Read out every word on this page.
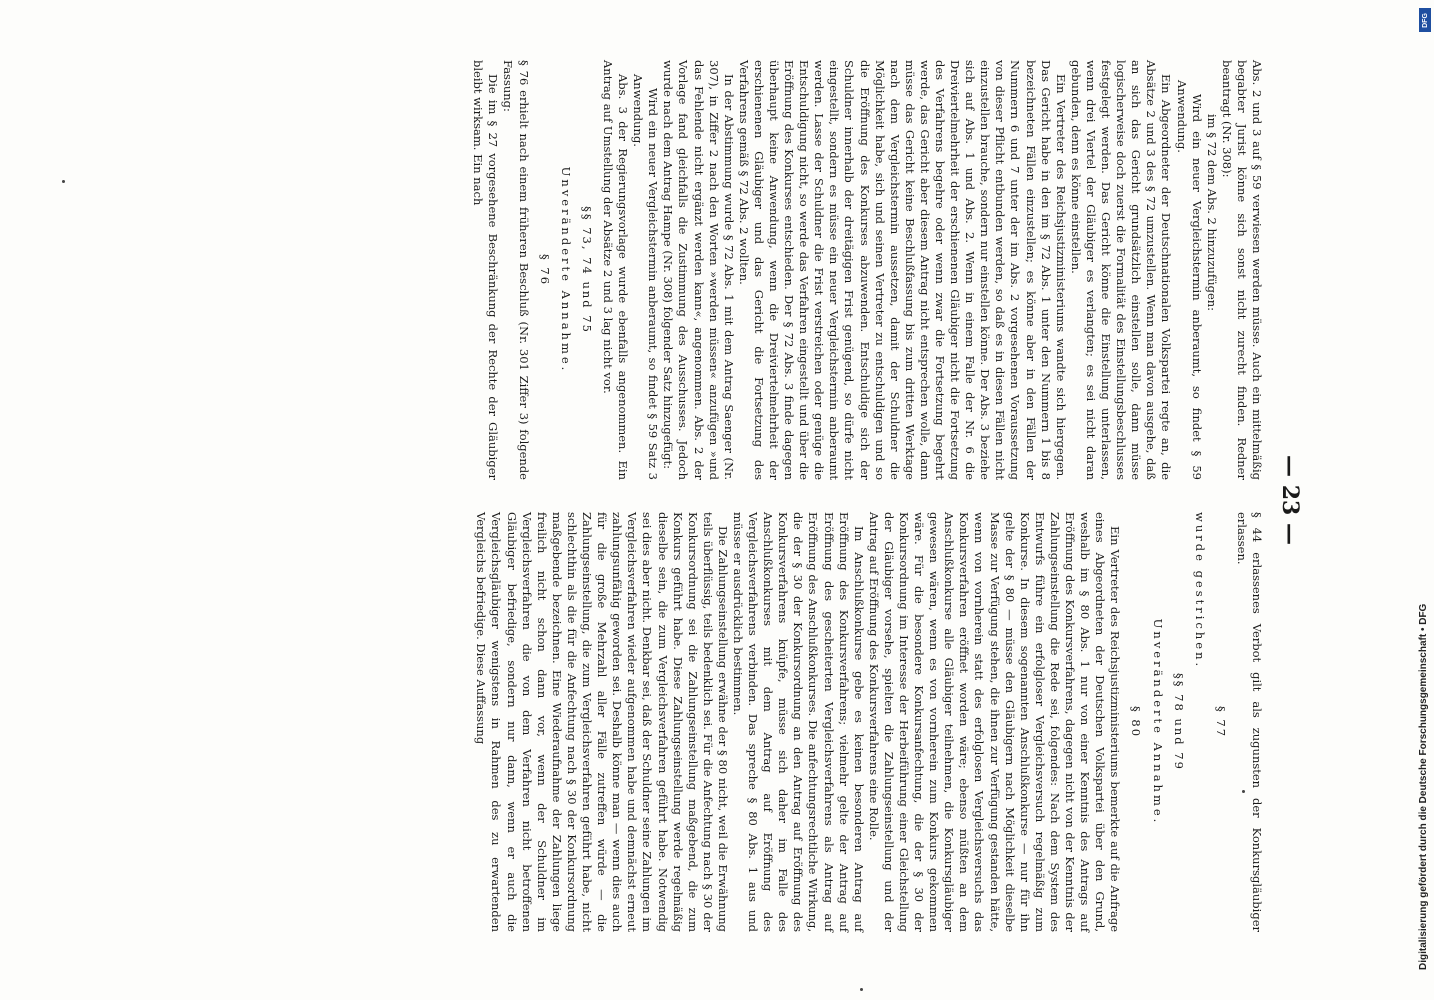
— 23 —

Abs. 2 und 3 auf § 59 verwiesen werden müsse. Auch ein mittelmäßig begabter Jurist könne sich sonst nicht zurecht finden. Redner beantragt (Nr. 308):

im § 72 dem Abs. 2 hinzuzufügen:

Wird ein neuer Vergleichstermin anberaumt, so findet § 59 Anwendung.

Ein Abgeordneter der Deutschnationalen Volkspartei regte an, die Absätze 2 und 3 des § 72 umzustellen. Wenn man davon ausgehe, daß an sich das Gericht grundsätzlich einstellen solle, dann müsse logischerweise doch zuerst die Formalität des Einstellungsbeschlusses festgelegt werden. Das Gericht könne die Einstellung unterlassen, wenn drei Viertel der Gläubiger es verlangten; es sei nicht daran gebunden, denn es könne einstellen.

Ein Vertreter des Reichsjustizministeriums wandte sich hiergegen. Das Gericht habe in den im § 72 Abs. 1 unter den Nummern 1 bis 8 bezeichneten Fällen einzustellen; es könne aber in den Fällen der Nummern 6 und 7 unter der im Abs. 2 vorgesehenen Voraussetzung von dieser Pflicht entbunden werden, so daß es in diesen Fällen nicht einzustellen brauche, sondern nur einstellen könne. Der Abs. 3 beziehe sich auf Abs. 1 und Abs. 2. Wenn in einem Falle der Nr. 6 die Dreiviertelmehrheit der erschienenen Gläubiger nicht die Fortsetzung des Verfahrens begehre oder wenn zwar die Fortsetzung begehrt werde, das Gericht aber diesem Antrag nicht entsprechen wolle, dann müsse das Gericht keine Beschlußfassung bis zum dritten Werktage nach dem Vergleichstermin aussetzen, damit der Schuldner die Möglichkeit habe, sich und seinen Vertreter zu entschuldigen und so die Eröffnung des Konkurses abzuwenden. Entschuldige sich der Schuldner innerhalb der dreitägigen Frist genügend, so dürfe nicht eingestellt, sondern es müsse ein neuer Vergleichstermin anberaumt werden. Lasse der Schuldner die Frist verstreichen oder genüge die Entschuldigung nicht, so werde das Verfahren eingestellt und über die Eröffnung des Konkurses entschieden. Der § 72 Abs. 3 finde dagegen überhaupt keine Anwendung, wenn die Dreiviertelmehrheit der erschienenen Gläubiger und das Gericht die Fortsetzung des Verfahrens gemäß § 72 Abs. 2 wollten.

In der Abstimmung wurde § 72 Abs. 1 mit dem Antrag Saenger (Nr. 307), in Ziffer 2 nach den Worten »werden müssen« anzufügen »und das Fehlende nicht ergänzt werden kann«, angenommen. Abs. 2 der Vorlage fand gleichfalls die Zustimmung des Ausschusses. Jedoch wurde nach dem Antrag Hampe (Nr. 308) folgender Satz hinzugefügt:

Wird ein neuer Vergleichstermin anberaumt, so findet § 59 Satz 3 Anwendung.

Abs. 3 der Regierungsvorlage wurde ebenfalls angenommen. Ein Antrag auf Umstellung der Absätze 2 und 3 lag nicht vor.

§§ 73, 74 und 75
Unveränderte Annahme.
§ 76

§ 76 erhielt nach einem früheren Beschluß (Nr. 301 Ziffer 3) folgende Fassung:

Die im § 27 vorgesehene Beschränkung der Rechte der Gläubiger bleibt wirksam. Ein nach

§ 44 erlassenes Verbot gilt als zugunsten der Konkursgläubiger erlassen.

§ 77

wurde gestrichen.

§§ 78 und 79
Unveränderte Annahme.
§ 80

Ein Vertreter des Reichsjustizministeriums bemerkte auf die Anfrage eines Abgeordneten der Deutschen Volkspartei über den Grund, weshalb im § 80 Abs. 1 nur von einer Kenntnis des Antrags auf Eröffnung des Konkursverfahrens, dagegen nicht von der Kenntnis der Zahlungseinstellung die Rede sei, folgendes: Nach dem System des Entwurfs führe ein erfolgloser Vergleichsversuch regelmäßig zum Konkurse. In diesem sogenannten Anschlußkonkurse — nur für ihn gelte der § 80 — müsse den Gläubigern nach Möglichkeit dieselbe Masse zur Verfügung stehen, die ihnen zur Verfügung gestanden hätte, wenn von vornherein statt des erfolglosen Vergleichsversuchs das Konkursverfahren eröffnet worden wäre; ebenso müßten an dem Anschlußkonkurse alle Gläubiger teilnehmen, die Konkursgläubiger gewesen wären, wenn es von vornherein zum Konkurs gekommen wäre. Für die besondere Konkursanfechtung, die der § 30 der Konkursordnung im Interesse der Herbeiführung einer Gleichstellung der Gläubiger vorsehe, spielten die Zahlungseinstellung und der Antrag auf Eröffnung des Konkursverfahrens eine Rolle.

Im Anschlußkonkurse gebe es keinen besonderen Antrag auf Eröffnung des Konkursverfahrens; vielmehr gelte der Antrag auf Eröffnung des gescheiterten Vergleichsverfahrens als Antrag auf Eröffnung des Anschlußkonkurses. Die anfechtungsrechtliche Wirkung, die der § 30 der Konkursordnung an den Antrag auf Eröffnung des Konkursverfahrens knüpfe, müsse sich daher im Falle des Anschlußkonkurses mit dem Antrag auf Eröffnung des Vergleichsverfahrens verbinden. Das spreche § 80 Abs. 1 aus und müsse er ausdrücklich bestimmen.

Die Zahlungseinstellung erwähne der § 80 nicht, weil die Erwähnung teils überflüssig, teils bedenklich sei. Für die Anfechtung nach § 30 der Konkursordnung sei die Zahlungseinstellung maßgebend, die zum Konkurs geführt habe. Diese Zahlungseinstellung werde regelmäßig dieselbe sein, die zum Vergleichsverfahren geführt habe. Notwendig sei dies aber nicht. Denkbar sei, daß der Schuldner seine Zahlungen im Vergleichsverfahren wieder aufgenommen habe und demnächst erneut zahlungsunfähig geworden sei. Deshalb könne man — wenn dies auch für die große Mehrzahl aller Fälle zutreffen würde — die Zahlungseinstellung, die zum Vergleichsverfahren geführt habe, nicht schlechthin als die für die Anfechtung nach § 30 der Konkursordnung maßgebende bezeichnen. Eine Wiederaufnahme der Zahlungen liege freilich nicht schon dann vor, wenn der Schuldner im Vergleichsverfahren die von dem Verfahren nicht betroffenen Gläubiger befriedige, sondern nur dann, wenn er auch die Vergleichsgläubiger wenigstens in Rahmen des zu erwartenden Vergleichs befriedige. Diese Auffassung

DFG
Digitalisierung gefördert durch die Deutsche Forschungsgemeinschaft • DFG
